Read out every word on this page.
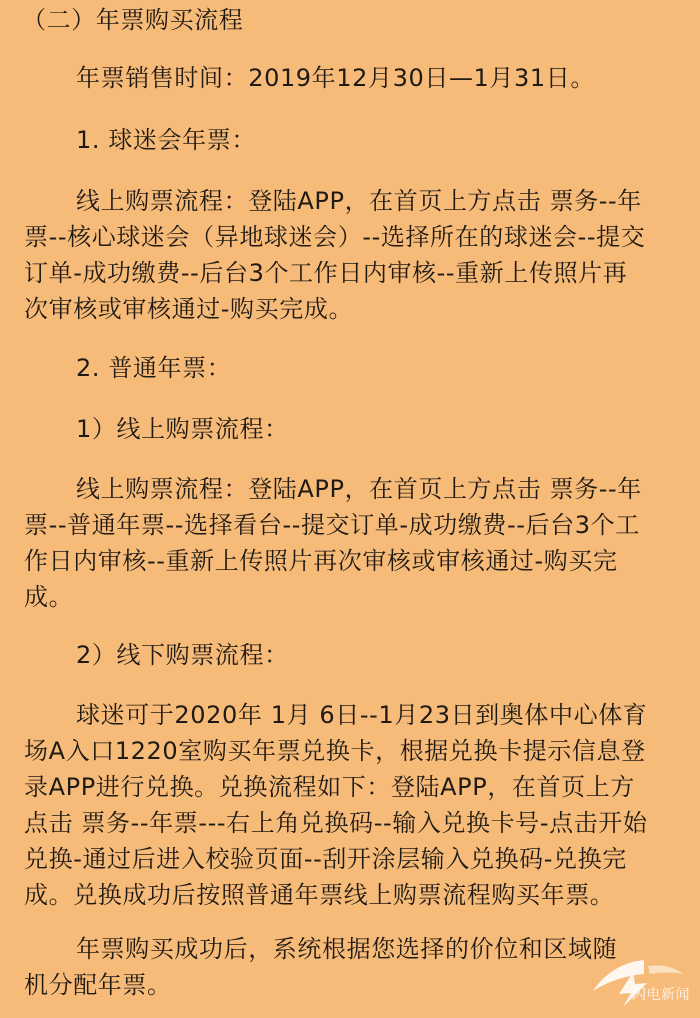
（二）年票购买流程
年票销售时间：2019年12月30日—1月31日。
1. 球迷会年票：
线上购票流程：登陆APP，在首页上方点击 票务--年
票--核心球迷会（异地球迷会）--选择所在的球迷会--提交
订单-成功缴费--后台3个工作日内审核--重新上传照片再
次审核或审核通过-购买完成。
2. 普通年票：
1）线上购票流程：
线上购票流程：登陆APP，在首页上方点击 票务--年
票--普通年票--选择看台--提交订单-成功缴费--后台3个工
作日内审核--重新上传照片再次审核或审核通过-购买完
成。
2）线下购票流程：
球迷可于2020年 1月 6日--1月23日到奥体中心体育
场A入口1220室购买年票兑换卡，根据兑换卡提示信息登
录APP进行兑换。兑换流程如下：登陆APP，在首页上方
点击 票务--年票---右上角兑换码--输入兑换卡号-点击开始
兑换-通过后进入校验页面--刮开涂层输入兑换码-兑换完
成。兑换成功后按照普通年票线上购票流程购买年票。
年票购买成功后，系统根据您选择的价位和区域随
机分配年票。	闪电新闻
